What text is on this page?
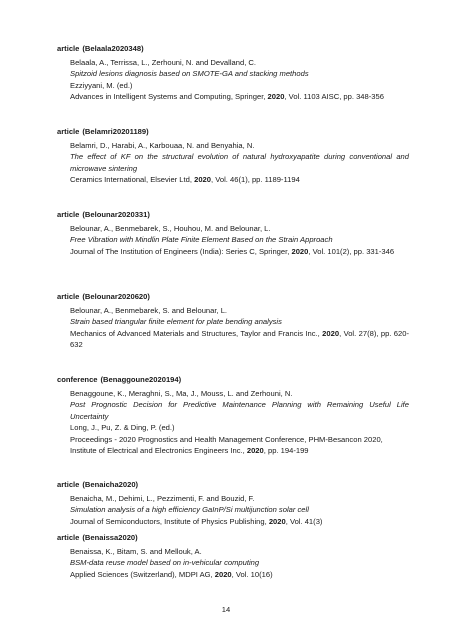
article (Belaala2020348)
Belaala, A., Terrissa, L., Zerhouni, N. and Devalland, C.
Spitzoid lesions diagnosis based on SMOTE-GA and stacking methods
Ezziyyani, M. (ed.)
Advances in Intelligent Systems and Computing, Springer, 2020, Vol. 1103 AISC, pp. 348-356
article (Belamri20201189)
Belamri, D., Harabi, A., Karbouaa, N. and Benyahia, N.
The effect of KF on the structural evolution of natural hydroxyapatite during conventional and microwave sintering
Ceramics International, Elsevier Ltd, 2020, Vol. 46(1), pp. 1189-1194
article (Belounar2020331)
Belounar, A., Benmebarek, S., Houhou, M. and Belounar, L.
Free Vibration with Mindlin Plate Finite Element Based on the Strain Approach
Journal of The Institution of Engineers (India): Series C, Springer, 2020, Vol. 101(2), pp. 331-346
article (Belounar2020620)
Belounar, A., Benmebarek, S. and Belounar, L.
Strain based triangular finite element for plate bending analysis
Mechanics of Advanced Materials and Structures, Taylor and Francis Inc., 2020, Vol. 27(8), pp. 620-632
conference (Benaggoune2020194)
Benaggoune, K., Meraghni, S., Ma, J., Mouss, L. and Zerhouni, N.
Post Prognostic Decision for Predictive Maintenance Planning with Remaining Useful Life Uncertainty
Long, J., Pu, Z. & Ding, P. (ed.)
Proceedings - 2020 Prognostics and Health Management Conference, PHM-Besancon 2020,
Institute of Electrical and Electronics Engineers Inc., 2020, pp. 194-199
article (Benaicha2020)
Benaicha, M., Dehimi, L., Pezzimenti, F. and Bouzid, F.
Simulation analysis of a high efficiency GaInP/Si multijunction solar cell
Journal of Semiconductors, Institute of Physics Publishing, 2020, Vol. 41(3)
article (Benaissa2020)
Benaissa, K., Bitam, S. and Mellouk, A.
BSM-data reuse model based on in-vehicular computing
Applied Sciences (Switzerland), MDPI AG, 2020, Vol. 10(16)
14
